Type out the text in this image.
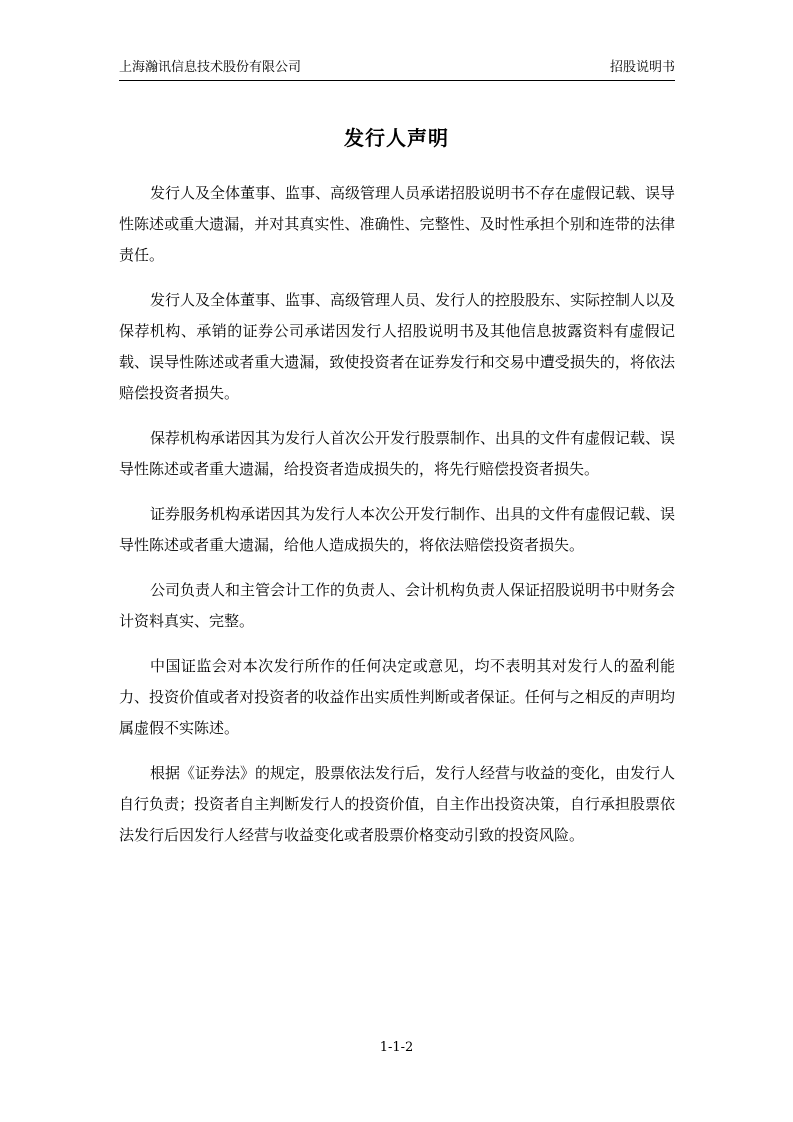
上海瀚讯信息技术股份有限公司	招股说明书
发行人声明

发行人及全体董事、监事、高级管理人员承诺招股说明书不存在虚假记载、误导性陈述或重大遗漏，并对其真实性、准确性、完整性、及时性承担个别和连带的法律责任。

发行人及全体董事、监事、高级管理人员、发行人的控股股东、实际控制人以及保荐机构、承销的证券公司承诺因发行人招股说明书及其他信息披露资料有虚假记载、误导性陈述或者重大遗漏，致使投资者在证券发行和交易中遭受损失的，将依法赔偿投资者损失。

保荐机构承诺因其为发行人首次公开发行股票制作、出具的文件有虚假记载、误导性陈述或者重大遗漏，给投资者造成损失的，将先行赔偿投资者损失。

证券服务机构承诺因其为发行人本次公开发行制作、出具的文件有虚假记载、误导性陈述或者重大遗漏，给他人造成损失的，将依法赔偿投资者损失。

公司负责人和主管会计工作的负责人、会计机构负责人保证招股说明书中财务会计资料真实、完整。

中国证监会对本次发行所作的任何决定或意见，均不表明其对发行人的盈利能力、投资价值或者对投资者的收益作出实质性判断或者保证。任何与之相反的声明均属虚假不实陈述。

根据《证券法》的规定，股票依法发行后，发行人经营与收益的变化，由发行人自行负责；投资者自主判断发行人的投资价值，自主作出投资决策，自行承担股票依法发行后因发行人经营与收益变化或者股票价格变动引致的投资风险。

1-1-2
